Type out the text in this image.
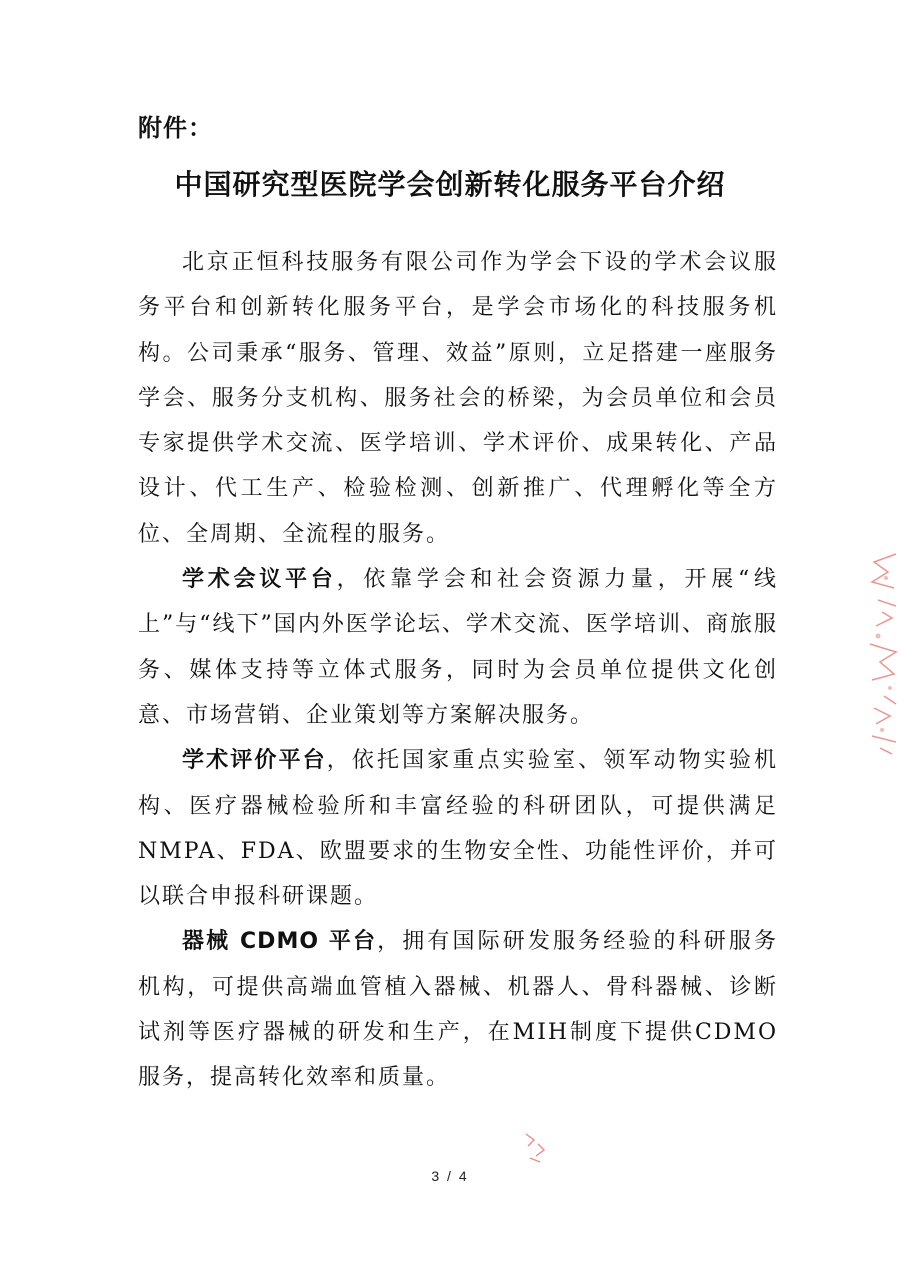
附件：
中国研究型医院学会创新转化服务平台介绍

北京正恒科技服务有限公司作为学会下设的学术会议服务平台和创新转化服务平台，是学会市场化的科技服务机构。公司秉承“服务、管理、效益”原则，立足搭建一座服务学会、服务分支机构、服务社会的桥梁，为会员单位和会员专家提供学术交流、医学培训、学术评价、成果转化、产品设计、代工生产、检验检测、创新推广、代理孵化等全方位、全周期、全流程的服务。

学术会议平台，依靠学会和社会资源力量，开展“线上”与“线下”国内外医学论坛、学术交流、医学培训、商旅服务、媒体支持等立体式服务，同时为会员单位提供文化创意、市场营销、企业策划等方案解决服务。

学术评价平台，依托国家重点实验室、领军动物实验机构、医疗器械检验所和丰富经验的科研团队，可提供满足NMPA、FDA、欧盟要求的生物安全性、功能性评价，并可以联合申报科研课题。

器械 CDMO 平台，拥有国际研发服务经验的科研服务机构，可提供高端血管植入器械、机器人、骨科器械、诊断试剂等医疗器械的研发和生产，在MIH制度下提供CDMO服务，提高转化效率和质量。

3 / 4
